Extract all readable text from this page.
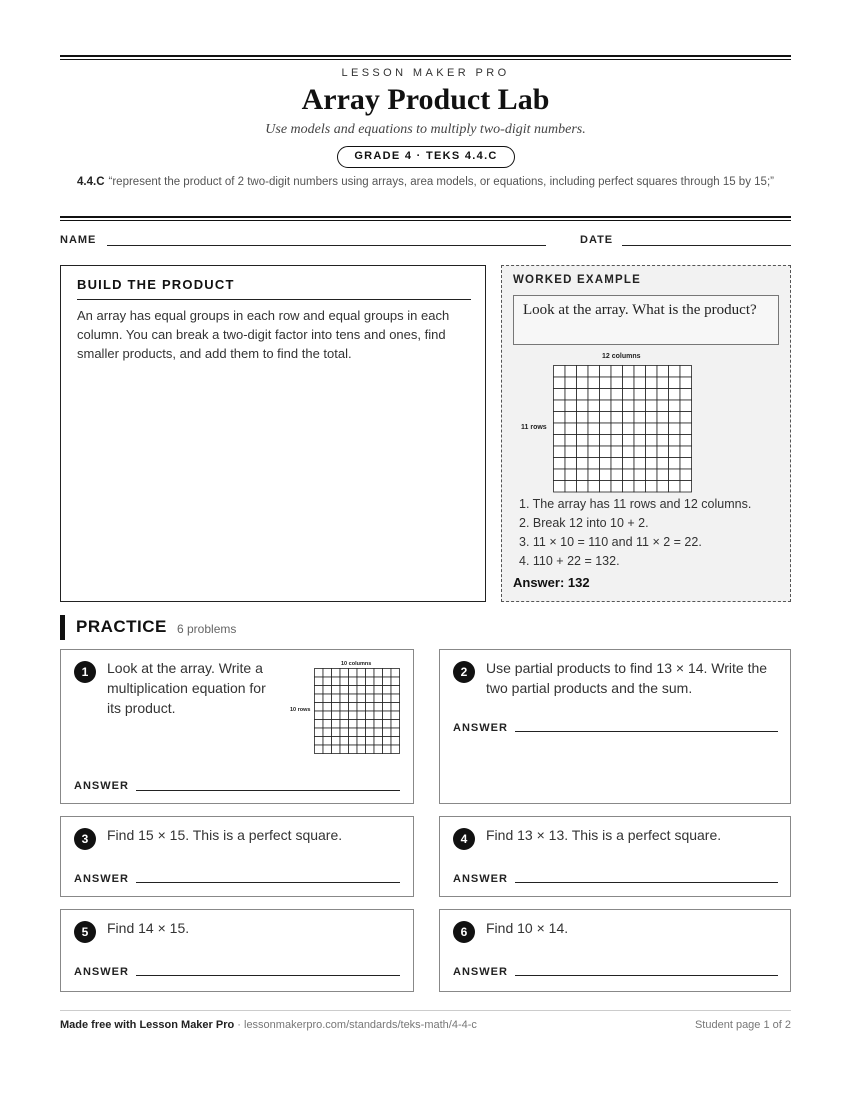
LESSON MAKER PRO
Array Product Lab
Use models and equations to multiply two-digit numbers.
GRADE 4 · TEKS 4.4.C
4.4.C “represent the product of 2 two-digit numbers using arrays, area models, or equations, including perfect squares through 15 by 15;”
NAME	DATE
BUILD THE PRODUCT
An array has equal groups in each row and equal groups in each column. You can break a two-digit factor into tens and ones, find smaller products, and add them to find the total.
WORKED EXAMPLE
Look at the array. What is the product?
12 columns
11 rows
1. The array has 11 rows and 12 columns.
2. Break 12 into 10 + 2.
3. 11 × 10 = 110 and 11 × 2 = 22.
4. 110 + 22 = 132.
Answer: 132
PRACTICE 6 problems
1	Look at the array. Write a multiplication equation for its product.
10 columns
10 rows
ANSWER
2	Use partial products to find 13 × 14. Write the two partial products and the sum.
ANSWER
3	Find 15 × 15. This is a perfect square.
ANSWER
4	Find 13 × 13. This is a perfect square.
ANSWER
5	Find 14 × 15.
ANSWER
6	Find 10 × 14.
ANSWER
Made free with Lesson Maker Pro · lessonmakerpro.com/standards/teks-math/4-4-c	Student page 1 of 2
